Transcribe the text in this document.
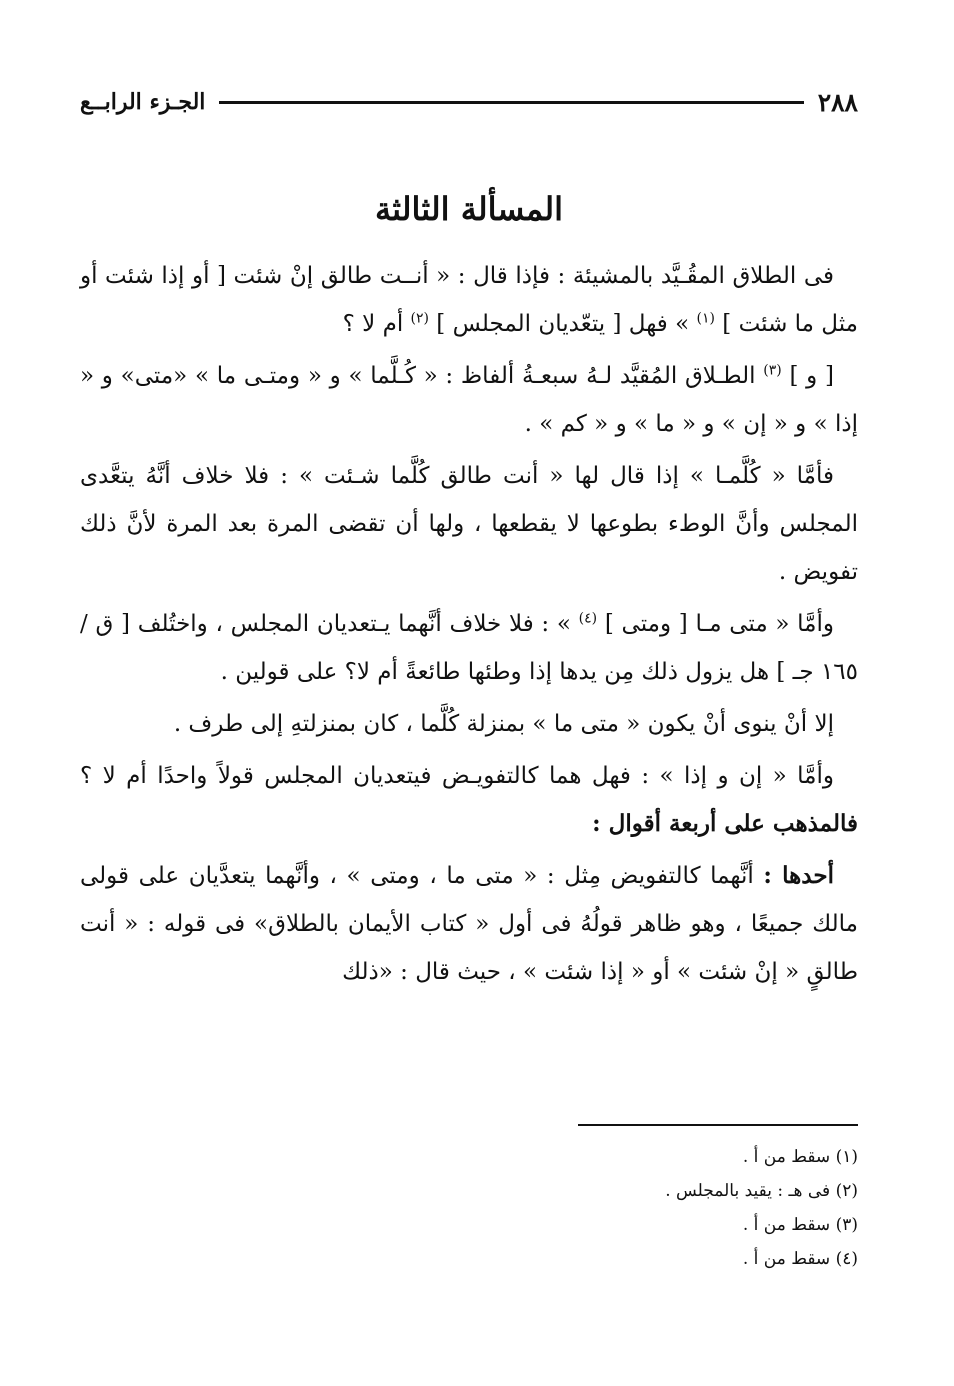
٢٨٨
الجـزء الرابــع
المسألة الثالثة

فى الطلاق المقُـيَّد بالمشيئة : فإذا قال : « أنــت طالق إنْ شئت [ أو إذا شئت أو مثل ما شئت ] $^{(١)}$ » فهل [ يتعّديان المجلس ] $^{(٢)}$ أم لا ؟

[ و ] $^{(٣)}$ الطـلاق المُقيَّد لـهُ سبعـةُ ألفاظ : « كُـلَّما » و « ومتـى ما » «متى» و « إذا » و « إن » و « ما » و « كم » .

فأمَّا « كُلَّمـا » إذا قال لها « أنت طالق كُلَّما شـئت » : فلا خلاف أنَّهُ يتعَّدى المجلس وأنَّ الوطء بطوعها لا يقطعها ، ولها أن تقضى المرة بعد المرة لأنَّ ذلك تفويض .

وأمَّا « متى مـا [ ومتى ] $^{(٤)}$ » : فلا خلاف أنَّهما يـتعديان المجلس ، واختُلف [ ق / ١٦٥ جـ ] هل يزول ذلك مِن يدها إذا وطئها طائعةً أم لا؟ على قولين .

إلا أنْ ينوى أنْ يكون « متى ما » بمنزلة كُلَّما ، كان بمنزلتهِ إلى طرف .

وأمَّا « إن و إذا » : فهل هما كالتفويـض فيتعديان المجلس قولاً واحدًا أم لا ؟ فالمذهب على أربعة أقوال :

أحدها : أنَّهما كالتفويض مِثل : « متى ما ، ومتى » ، وأنَّهما يتعدَّيان على قولى مالك جميعًا ، وهو ظاهر قولُهُ فى أول « كتاب الأيمان بالطلاق» فى قوله : « أنت طالقٍ « إنْ شئت » أو « إذا شئت » ، حيث قال : «ذلك

(١) سقط من أ .
(٢) فى هـ : يقيد بالمجلس .
(٣) سقط من أ .
(٤) سقط من أ .
